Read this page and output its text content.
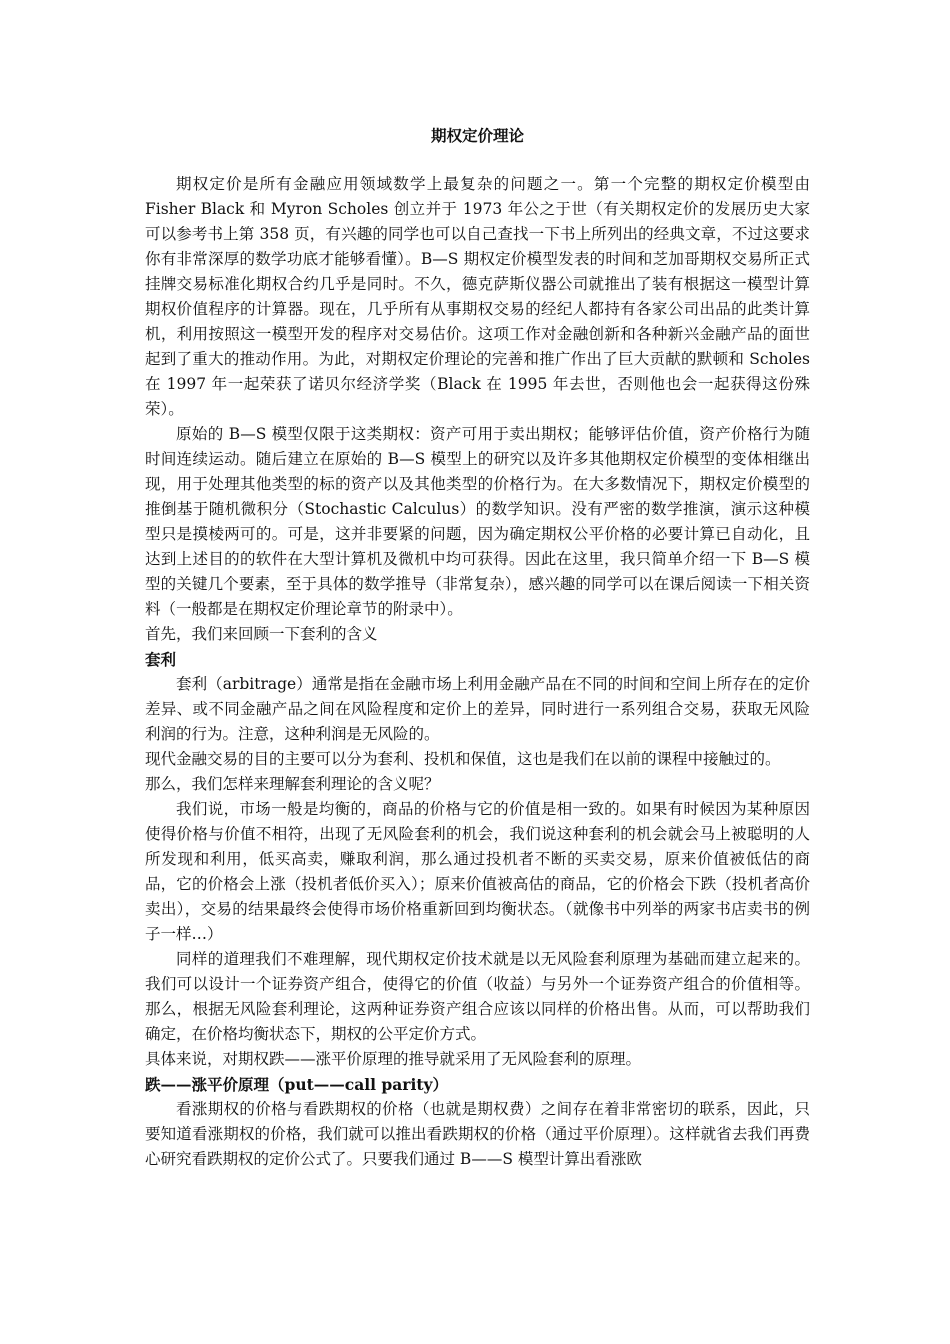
期权定价理论

期权定价是所有金融应用领域数学上最复杂的问题之一。第一个完整的期权定价模型由 Fisher Black 和 Myron Scholes 创立并于 1973 年公之于世（有关期权定价的发展历史大家可以参考书上第 358 页，有兴趣的同学也可以自己查找一下书上所列出的经典文章，不过这要求你有非常深厚的数学功底才能够看懂）。B—S 期权定价模型发表的时间和芝加哥期权交易所正式挂牌交易标准化期权合约几乎是同时。不久，德克萨斯仪器公司就推出了装有根据这一模型计算期权价值程序的计算器。现在，几乎所有从事期权交易的经纪人都持有各家公司出品的此类计算机，利用按照这一模型开发的程序对交易估价。这项工作对金融创新和各种新兴金融产品的面世起到了重大的推动作用。为此，对期权定价理论的完善和推广作出了巨大贡献的默顿和 Scholes 在 1997 年一起荣获了诺贝尔经济学奖（Black 在 1995 年去世，否则他也会一起获得这份殊荣）。

原始的 B—S 模型仅限于这类期权：资产可用于卖出期权；能够评估价值，资产价格行为随时间连续运动。随后建立在原始的 B—S 模型上的研究以及许多其他期权定价模型的变体相继出现，用于处理其他类型的标的资产以及其他类型的价格行为。在大多数情况下，期权定价模型的推倒基于随机微积分（Stochastic Calculus）的数学知识。没有严密的数学推演，演示这种模型只是摸棱两可的。可是，这并非要紧的问题，因为确定期权公平价格的必要计算已自动化，且达到上述目的的软件在大型计算机及微机中均可获得。因此在这里，我只简单介绍一下 B—S 模型的关键几个要素，至于具体的数学推导（非常复杂），感兴趣的同学可以在课后阅读一下相关资料（一般都是在期权定价理论章节的附录中）。

首先，我们来回顾一下套利的含义

套利

套利（arbitrage）通常是指在金融市场上利用金融产品在不同的时间和空间上所存在的定价差异、或不同金融产品之间在风险程度和定价上的差异，同时进行一系列组合交易，获取无风险利润的行为。注意，这种利润是无风险的。

现代金融交易的目的主要可以分为套利、投机和保值，这也是我们在以前的课程中接触过的。

那么，我们怎样来理解套利理论的含义呢？

我们说，市场一般是均衡的，商品的价格与它的价值是相一致的。如果有时候因为某种原因使得价格与价值不相符，出现了无风险套利的机会，我们说这种套利的机会就会马上被聪明的人所发现和利用，低买高卖，赚取利润，那么通过投机者不断的买卖交易，原来价值被低估的商品，它的价格会上涨（投机者低价买入）；原来价值被高估的商品，它的价格会下跌（投机者高价卖出），交易的结果最终会使得市场价格重新回到均衡状态。（就像书中列举的两家书店卖书的例子一样…）

同样的道理我们不难理解，现代期权定价技术就是以无风险套利原理为基础而建立起来的。我们可以设计一个证券资产组合，使得它的价值（收益）与另外一个证券资产组合的价值相等。那么，根据无风险套利理论，这两种证券资产组合应该以同样的价格出售。从而，可以帮助我们确定，在价格均衡状态下，期权的公平定价方式。

具体来说，对期权跌——涨平价原理的推导就采用了无风险套利的原理。

跌——涨平价原理（put——call parity）

看涨期权的价格与看跌期权的价格（也就是期权费）之间存在着非常密切的联系，因此，只要知道看涨期权的价格，我们就可以推出看跌期权的价格（通过平价原理）。这样就省去我们再费心研究看跌期权的定价公式了。只要我们通过 B——S 模型计算出看涨欧
